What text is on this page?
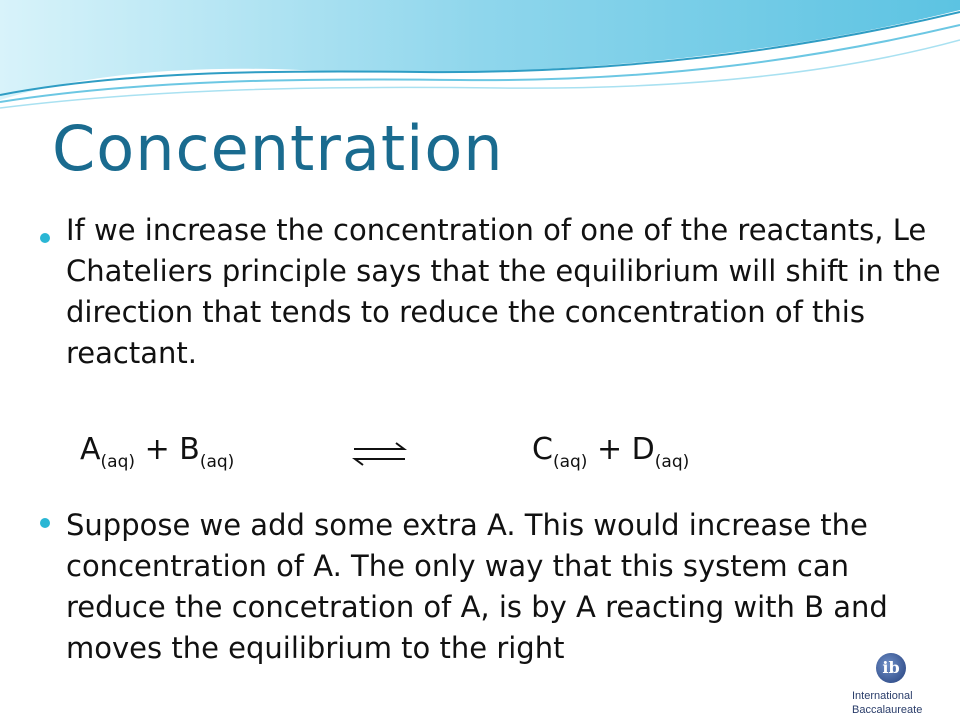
Concentration
If we increase the concentration of one of the reactants, Le Chateliers principle says that the equilibrium will shift in the direction that tends to reduce the concentration of this reactant.
$A_{(aq)} + B_{(aq)}$	$C_{(aq)} + D_{(aq)}$
Suppose we add some extra A. This would increase the concentration of A. The only way that this system can reduce the concetration of A, is by A reacting with B and moves the equilibrium to the right
ib
International
Baccalaureate
